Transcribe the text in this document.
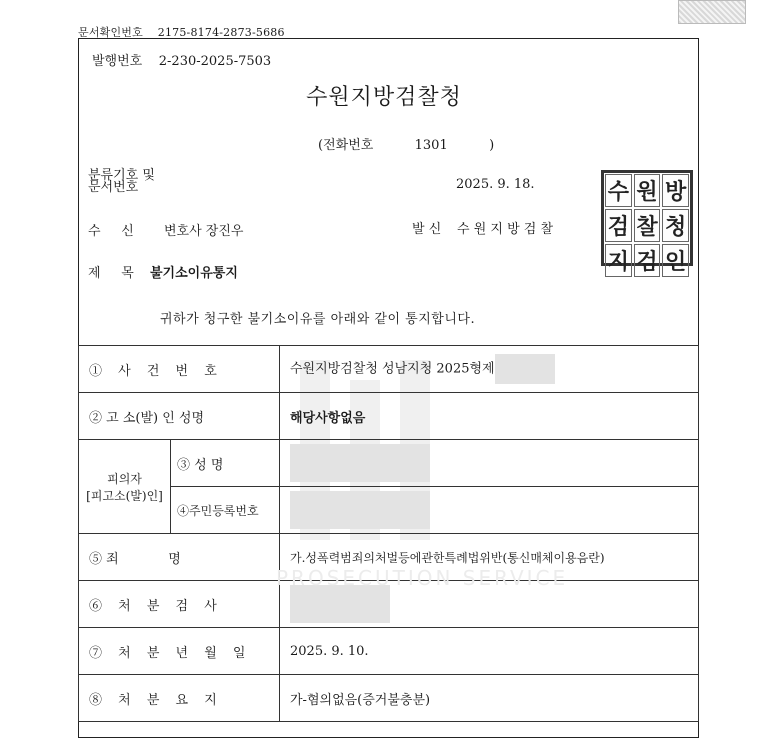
문서확인번호 2175-8174-2873-5686
발행번호 2-230-2025-7503
수원지방검찰청
(전화번호	1301	)
분류기호 및
문서번호	2025. 9. 18.
수     신 변호사 장진우	발 신 수 원 지 방 검 찰
제     목 불기소이유통지
수 원 방
검 찰 청
지 검 인
귀하가 청구한 불기소이유를 아래와 같이 통지합니다.
① 사 건 번 호		수원지방검찰청 성남지청 2025형제
② 고 소(발) 인 성명		해당사항없음
피의자
[피고소(발)인]	③ 성 명	

	④주민등록번호	

⑤ 죄            명		가.성폭력범죄의처벌등에관한특례법위반(통신매체이용음란)
⑥ 처 분 검 사		

⑦ 처 분 년 월 일		2025. 9. 10.
⑧ 처 분 요 지		가-혐의없음(증거불충분)
PROSECUTION SERVICE
